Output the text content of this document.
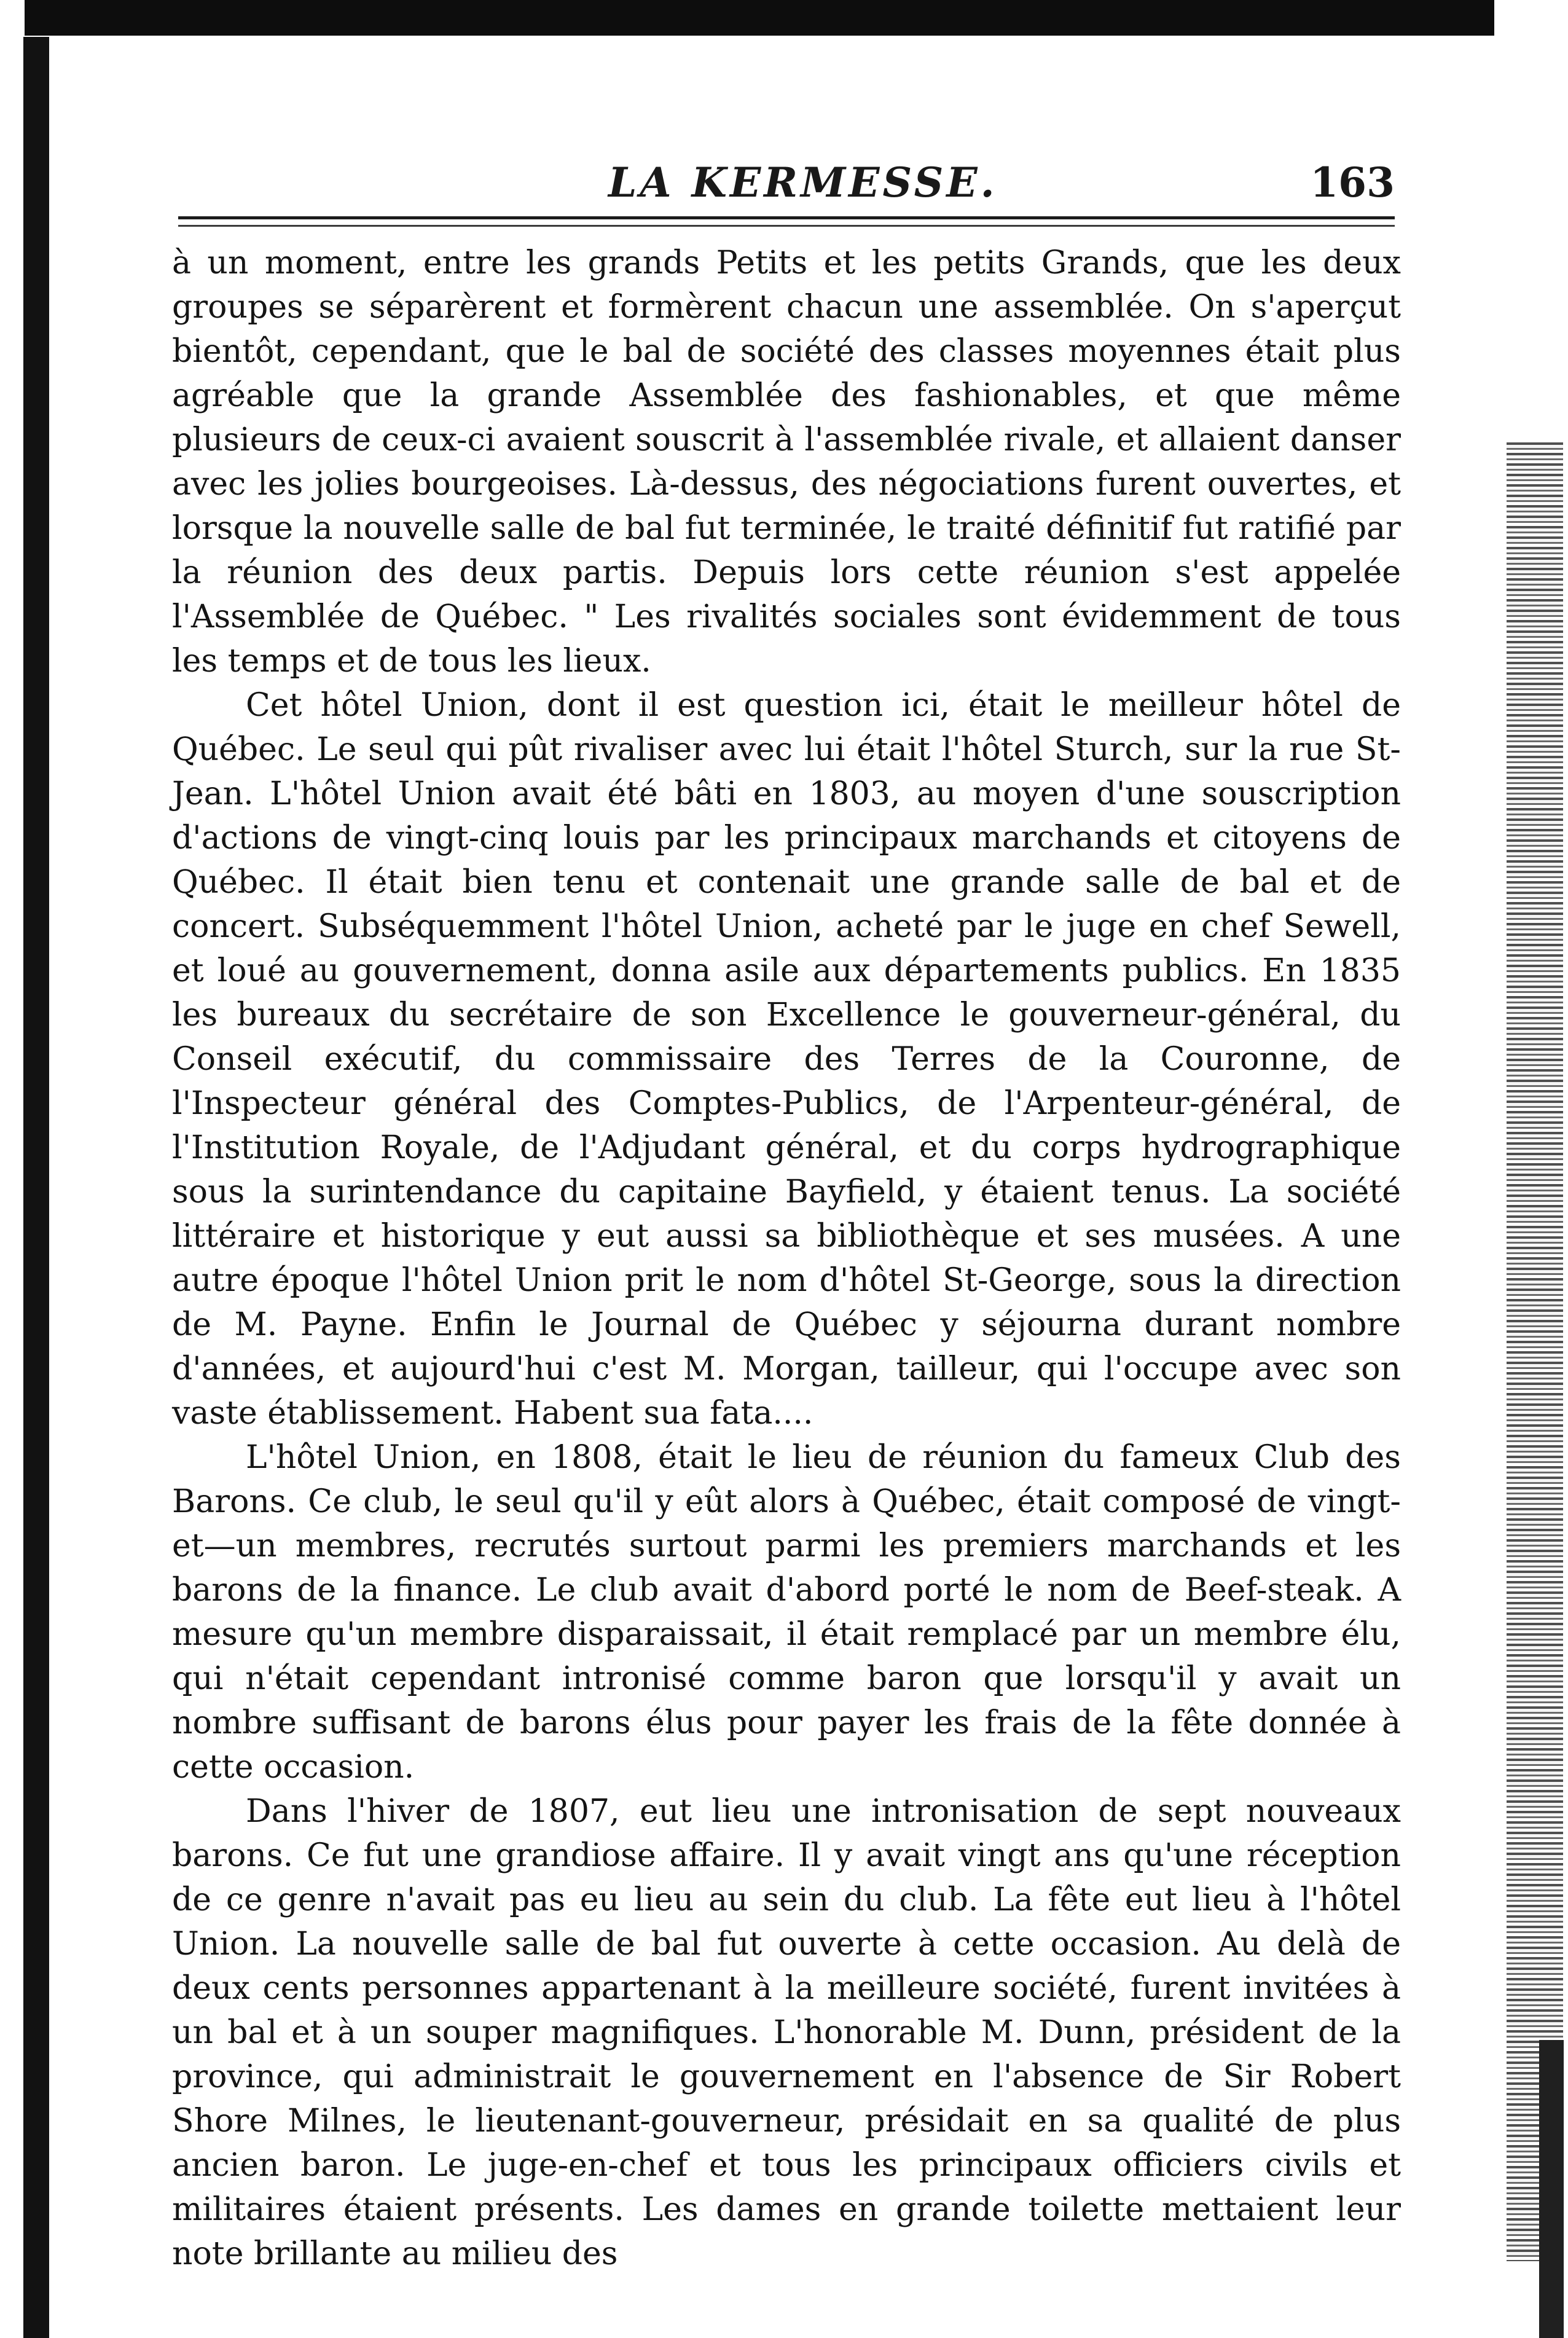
LA KERMESSE.	163

à un moment, entre les grands Petits et les petits Grands, que les deux groupes se séparèrent et formèrent chacun une assemblée. On s'aperçut bientôt, cependant, que le bal de société des classes moyennes était plus agréable que la grande Assemblée des fashionables, et que même plusieurs de ceux-ci avaient souscrit à l'assemblée rivale, et allaient danser avec les jolies bourgeoises. Là-dessus, des négociations furent ouvertes, et lorsque la nouvelle salle de bal fut terminée, le traité définitif fut ratifié par la réunion des deux partis. Depuis lors cette réunion s'est appelée l'Assemblée de Québec. " Les rivalités sociales sont évidemment de tous les temps et de tous les lieux.

Cet hôtel Union, dont il est question ici, était le meilleur hôtel de Québec. Le seul qui pût rivaliser avec lui était l'hôtel Sturch, sur la rue St-Jean. L'hôtel Union avait été bâti en 1803, au moyen d'une souscription d'actions de vingt-cinq louis par les principaux marchands et citoyens de Québec. Il était bien tenu et contenait une grande salle de bal et de concert. Subséquemment l'hôtel Union, acheté par le juge en chef Sewell, et loué au gouvernement, donna asile aux départements publics. En 1835 les bureaux du secrétaire de son Excellence le gouverneur-général, du Conseil exécutif, du commissaire des Terres de la Couronne, de l'Inspecteur général des Comptes-Publics, de l'Arpenteur-général, de l'Institution Royale, de l'Adjudant général, et du corps hydrographique sous la surintendance du capitaine Bayfield, y étaient tenus. La société littéraire et historique y eut aussi sa bibliothèque et ses musées. A une autre époque l'hôtel Union prit le nom d'hôtel St-George, sous la direction de M. Payne. Enfin le Journal de Québec y séjourna durant nombre d'années, et aujourd'hui c'est M. Morgan, tailleur, qui l'occupe avec son vaste établissement. Habent sua fata....

L'hôtel Union, en 1808, était le lieu de réunion du fameux Club des Barons. Ce club, le seul qu'il y eût alors à Québec, était composé de vingt-et—un membres, recrutés surtout parmi les premiers marchands et les barons de la finance. Le club avait d'abord porté le nom de Beef-steak. A mesure qu'un membre disparaissait, il était remplacé par un membre élu, qui n'était cependant intronisé comme baron que lorsqu'il y avait un nombre suffisant de barons élus pour payer les frais de la fête donnée à cette occasion.

Dans l'hiver de 1807, eut lieu une intronisation de sept nouveaux barons. Ce fut une grandiose affaire. Il y avait vingt ans qu'une réception de ce genre n'avait pas eu lieu au sein du club. La fête eut lieu à l'hôtel Union. La nouvelle salle de bal fut ouverte à cette occasion. Au delà de deux cents personnes appartenant à la meilleure société, furent invitées à un bal et à un souper magnifiques. L'honorable M. Dunn, président de la province, qui administrait le gouvernement en l'absence de Sir Robert Shore Milnes, le lieutenant-gouverneur, présidait en sa qualité de plus ancien baron. Le juge-en-chef et tous les principaux officiers civils et militaires étaient présents. Les dames en grande toilette mettaient leur note brillante au milieu des
